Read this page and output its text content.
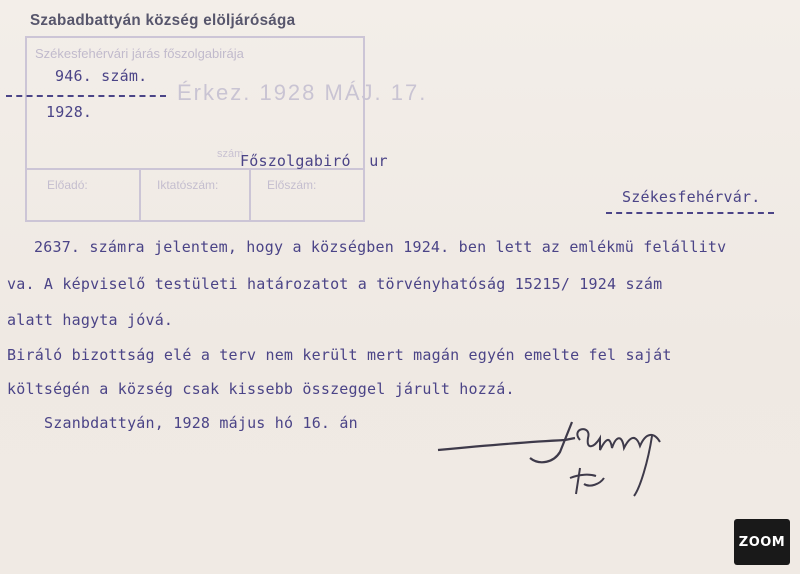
Szabadbattyán község elöljárósága
Székesfehérvári járás főszolgabirája
Érkez. 1928 MÁJ. 17.
szám
Előadó:	Iktatószám:	Előszám:
946. szám.
1928.
Főszolgabiró  ur
Székesfehérvár.
2637. számra jelentem, hogy a községben 1924. ben lett az emlékmü felállitv
va. A képviselő testületi határozatot a törvényhatóság 15215/ 1924 szám
alatt hagyta jóvá.
Biráló bizottság elé a terv nem került mert magán egyén emelte fel saját
költségén a község csak kissebb összeggel járult hozzá.
Szanbdattyán, 1928 május hó 16. án
ZOOM
